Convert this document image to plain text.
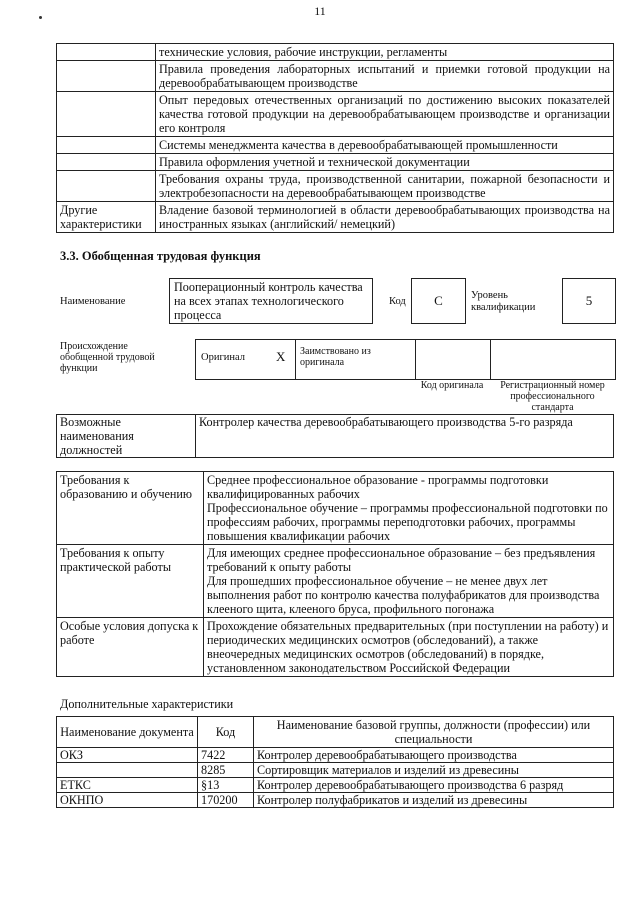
11
	технические условия, рабочие инструкции, регламенты
	Правила проведения лабораторных испытаний и приемки готовой продукции на деревообрабатывающем производстве
	Опыт передовых отечественных организаций по достижению высоких показателей качества готовой продукции на деревообрабатывающем производстве и организации его контроля
	Системы менеджмента качества в деревообрабатывающей промышленности
	Правила оформления учетной и технической документации
	Требования охраны труда, производственной санитарии, пожарной безопасности и электробезопасности на деревообрабатывающем производстве
Другие характеристики	Владение базовой терминологией в области деревообрабатывающих производства на иностранных языках (английский/ немецкий)
3.3. Обобщенная трудовая функция
Наименование
Пооперационный контроль качества на всех этапах технологического процесса
Код	C	Уровень квалификации	5
Происхождение обобщенной трудовой функции
Оригинал X Заимствовано из оригинала
Код оригинала	Регистрационный номер профессионального стандарта
Возможные наименования должностей	Контролер качества деревообрабатывающего производства 5-го разряда
Требования к образованию и обучению	Среднее профессиональное образование - программы подготовки квалифицированных рабочих
Профессиональное обучение – программы профессиональной подготовки по профессиям рабочих, программы переподготовки рабочих, программы повышения квалификации рабочих
Требования к опыту практической работы	Для имеющих среднее профессиональное образование – без предъявления требований к опыту работы
Для прошедших профессиональное обучение – не менее двух лет выполнения работ по контролю качества полуфабрикатов для производства клееного щита, клееного бруса, профильного погонажа
Особые условия допуска к работе	Прохождение обязательных предварительных (при поступлении на работу) и периодических медицинских осмотров (обследований), а также внеочередных медицинских осмотров (обследований) в порядке, установленном законодательством Российской Федерации
Дополнительные характеристики
Наименование документа	Код	Наименование базовой группы, должности (профессии) или специальности
ОКЗ	7422	Контролер деревообрабатывающего производства
	8285	Сортировщик материалов и изделий из древесины
ЕТКС	§13	Контролер деревообрабатывающего производства 6 разряд
ОКНПО	170200	Контролер полуфабрикатов и изделий из древесины
